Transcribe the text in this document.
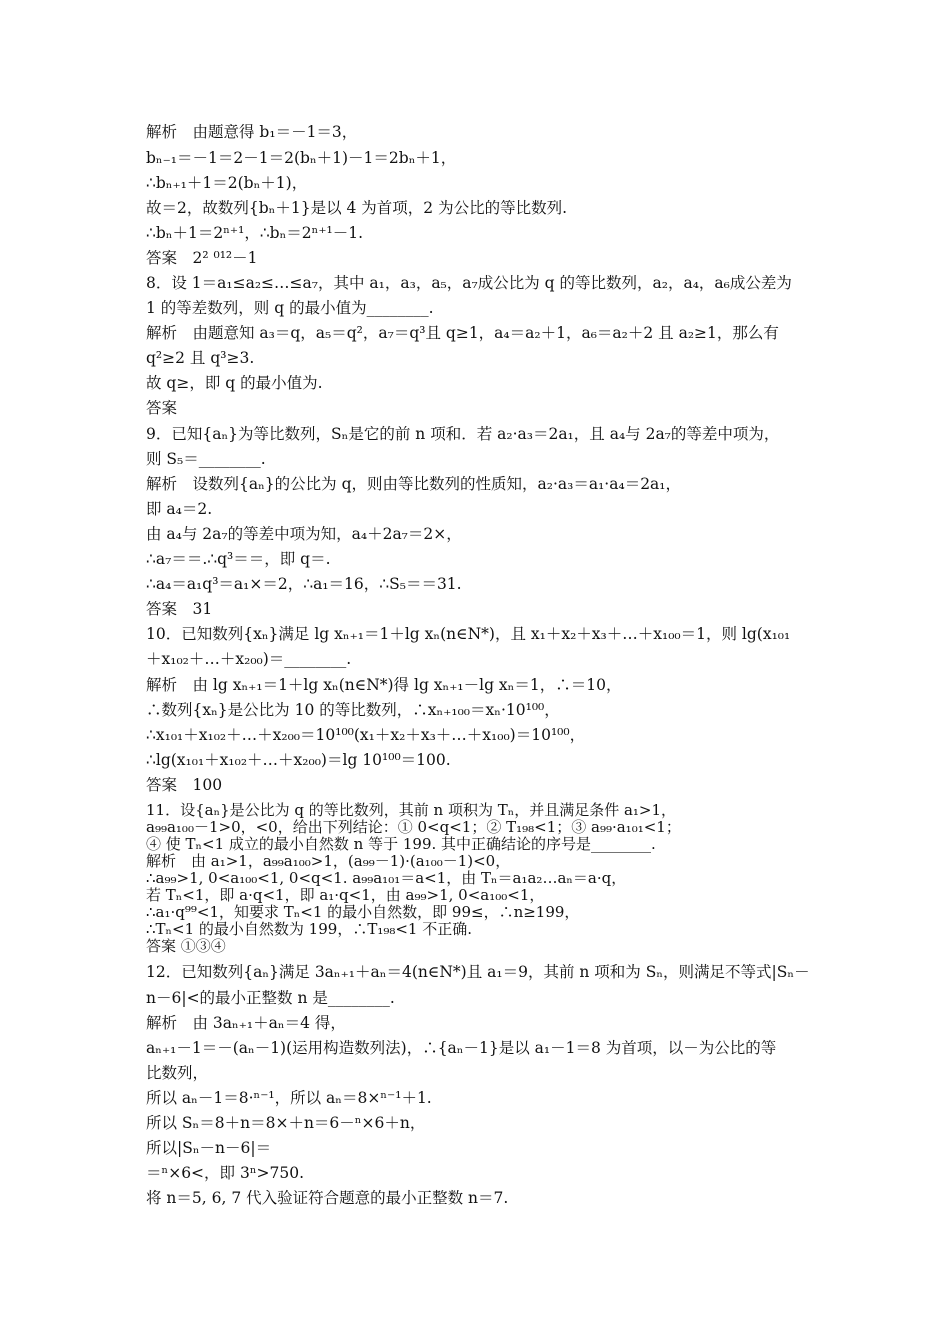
解析　由题意得 b₁＝－1＝3，
bₙ₋₁＝－1＝2－1＝2(bₙ＋1)－1＝2bₙ＋1，
∴bₙ₊₁＋1＝2(bₙ＋1)，
故＝2，故数列{bₙ＋1}是以 4 为首项，2 为公比的等比数列.
∴bₙ＋1＝2ⁿ⁺¹，∴bₙ＝2ⁿ⁺¹－1.
答案　2² ⁰¹²－1
8．设 1＝a₁≤a₂≤…≤a₇，其中 a₁，a₃，a₅，a₇成公比为 q 的等比数列，a₂，a₄，a₆成公差为
1 的等差数列，则 q 的最小值为________.
解析　由题意知 a₃＝q，a₅＝q²，a₇＝q³且 q≥1，a₄＝a₂＋1，a₆＝a₂＋2 且 a₂≥1，那么有
q²≥2 且 q³≥3.
故 q≥，即 q 的最小值为.
答案
9．已知{aₙ}为等比数列，Sₙ是它的前 n 项和．若 a₂·a₃＝2a₁，且 a₄与 2a₇的等差中项为，
则 S₅＝________.
解析　设数列{aₙ}的公比为 q，则由等比数列的性质知，a₂·a₃＝a₁·a₄＝2a₁，
即 a₄＝2.
由 a₄与 2a₇的等差中项为知，a₄＋2a₇＝2×，
∴a₇＝＝.∴q³＝＝，即 q＝.
∴a₄＝a₁q³＝a₁×＝2，∴a₁＝16，∴S₅＝＝31.
答案　31
10．已知数列{xₙ}满足 lg xₙ₊₁＝1＋lg xₙ(n∈N*)，且 x₁＋x₂＋x₃＋…＋x₁₀₀＝1，则 lg(x₁₀₁
＋x₁₀₂＋…＋x₂₀₀)＝________.
解析　由 lg xₙ₊₁＝1＋lg xₙ(n∈N*)得 lg xₙ₊₁－lg xₙ＝1，∴＝10，
∴数列{xₙ}是公比为 10 的等比数列，∴xₙ₊₁₀₀＝xₙ·10¹⁰⁰，
∴x₁₀₁＋x₁₀₂＋…＋x₂₀₀＝10¹⁰⁰(x₁＋x₂＋x₃＋…＋x₁₀₀)＝10¹⁰⁰，
∴lg(x₁₀₁＋x₁₀₂＋…＋x₂₀₀)＝lg 10¹⁰⁰＝100.
答案　100
11．设{aₙ}是公比为 q 的等比数列，其前 n 项积为 Tₙ，并且满足条件 a₁>1，
a₉₉a₁₀₀－1>0，<0，给出下列结论：① 0<q<1；② T₁₉₈<1；③ a₉₉·a₁₀₁<1；
④ 使 Tₙ<1 成立的最小自然数 n 等于 199. 其中正确结论的序号是________.
解析　由 a₁>1，a₉₉a₁₀₀>1，(a₉₉－1)·(a₁₀₀－1)<0，
∴a₉₉>1, 0<a₁₀₀<1, 0<q<1. a₉₉a₁₀₁＝a<1，由 Tₙ＝a₁a₂…aₙ＝a·q，
若 Tₙ<1，即 a·q<1，即 a₁·q<1，由 a₉₉>1, 0<a₁₀₀<1，
∴a₁·q⁹⁹<1，知要求 Tₙ<1 的最小自然数，即 99≤，∴n≥199，
∴Tₙ<1 的最小自然数为 199，∴T₁₉₈<1 不正确.
答案 ①③④
12．已知数列{aₙ}满足 3aₙ₊₁＋aₙ＝4(n∈N*)且 a₁＝9，其前 n 项和为 Sₙ，则满足不等式|Sₙ－
n－6|<的最小正整数 n 是________.
解析　由 3aₙ₊₁＋aₙ＝4 得，
aₙ₊₁－1＝－(aₙ－1)(运用构造数列法)，∴{aₙ－1}是以 a₁－1＝8 为首项，以－为公比的等
比数列，
所以 aₙ－1＝8·ⁿ⁻¹，所以 aₙ＝8×ⁿ⁻¹＋1.
所以 Sₙ＝8＋n＝8×＋n＝6－ⁿ×6＋n，
所以|Sₙ－n－6|＝
＝ⁿ×6<，即 3ⁿ>750.
将 n＝5, 6, 7 代入验证符合题意的最小正整数 n＝7.
